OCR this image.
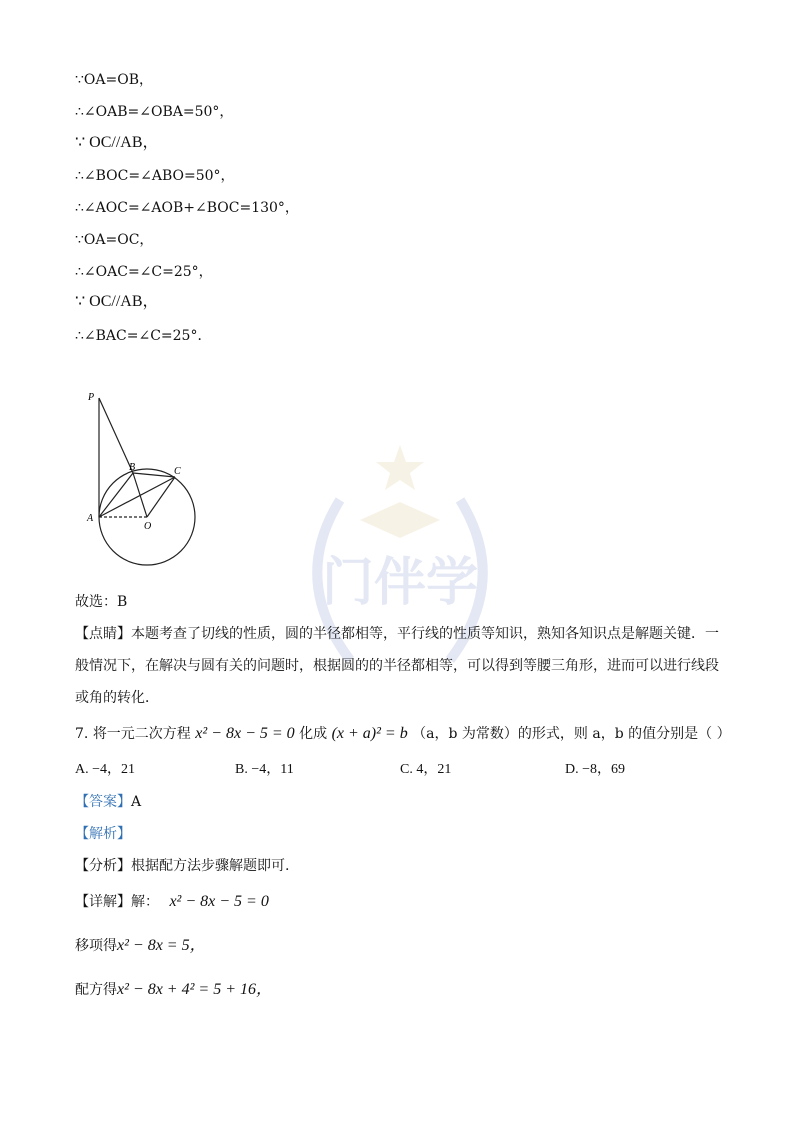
门伴学
∵OA=OB，
∴∠OAB=∠OBA=50°，
∵ OC//AB，
∴∠BOC=∠ABO=50°，
∴∠AOC=∠AOB+∠BOC=130°，
∵OA=OC，
∴∠OAC=∠C=25°，
∵ OC//AB，
∴∠BAC=∠C=25°．
P
A
B	C
O
故选：B
【点睛】本题考查了切线的性质，圆的半径都相等，平行线的性质等知识，熟知各知识点是解题关键．一般情况下，在解决与圆有关的问题时，根据圆的的半径都相等，可以得到等腰三角形，进而可以进行线段或角的转化．
7. 将一元二次方程 x² − 8x − 5 = 0 化成 (x + a)² = b （a，b 为常数）的形式，则 a，b 的值分别是（ ）
A. −4，21	B. −4，11	C. 4，21	D. −8，69
【答案】A
【解析】
【分析】根据配方法步骤解题即可.
【详解】解： x² − 8x − 5 = 0
移项得x² − 8x = 5，
配方得x² − 8x + 4² = 5 + 16，
